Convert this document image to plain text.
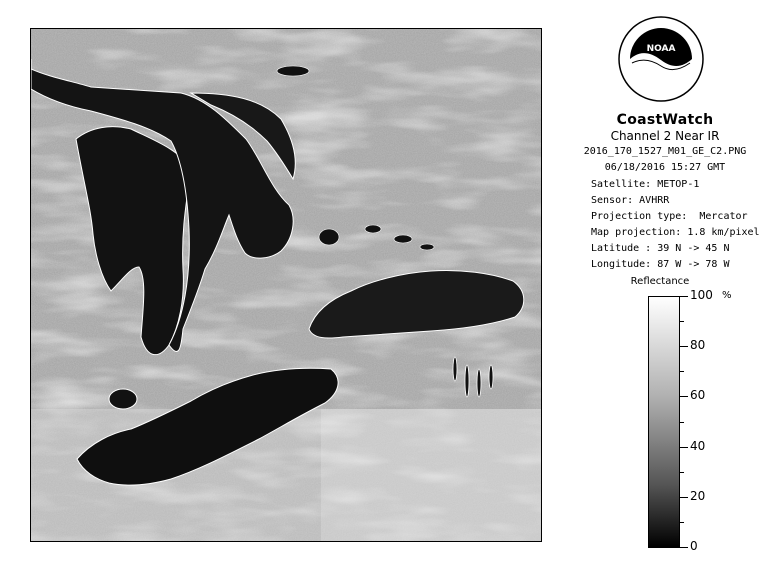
NOAA
CoastWatch
Channel 2 Near IR
2016_170_1527_M01_GE_C2.PNG
06/18/2016 15:27 GMT
Satellite: METOP-1
Sensor: AVHRR
Projection type:  Mercator
Map projection: 1.8 km/pixel
Latitude : 39 N -> 45 N
Longitude: 87 W -> 78 W
Reflectance
%
100
80
60
40
20
0
